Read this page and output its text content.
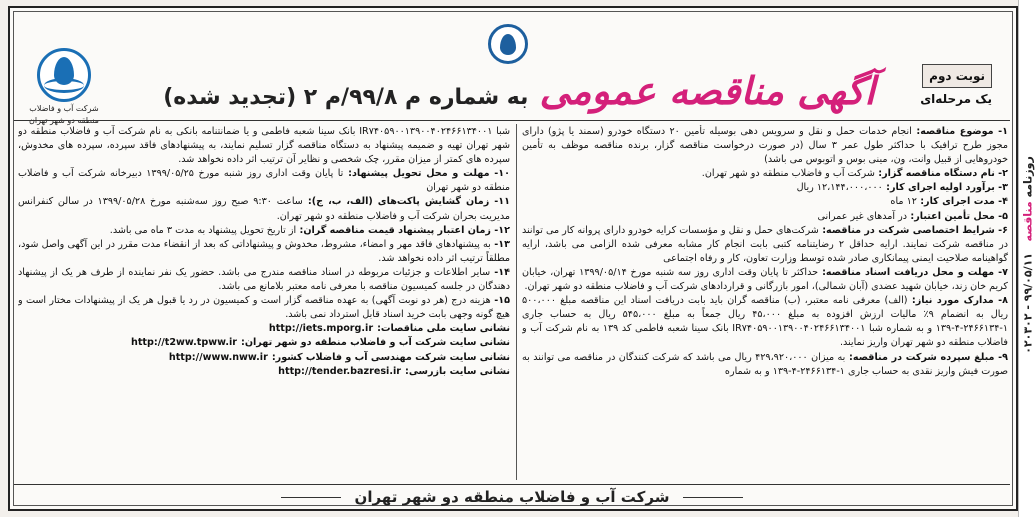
روزنامه مناقصه   ۹۹/۰۵/۱۱ - ۰۲۰۳۰۲
شرکت آب و فاضلاب	آگهی مناقصه عمومی به شماره م ۹۹/۸/م ۲ (تجدید شده)
نوبت دوم
یک مرحله‌ای

۱- موضوع مناقصه: انجام خدمات حمل و نقل و سرویس دهی بوسیله تأمین ۲۰ دستگاه خودرو (سمند یا پژو) دارای مجوز طرح ترافیک با حداکثر طول عمر ۳ سال (در صورت درخواست مناقصه گزار، برنده مناقصه موظف به تأمین خودروهایی از قبیل وانت، ون، مینی بوس و اتوبوس می باشد)

۲- نام دستگاه مناقصه گزار: شرکت آب و فاضلاب منطقه دو شهر تهران.

۳- برآورد اولیه اجرای کار: ۱۲،۱۴۴،۰۰۰،۰۰۰ ریال

۴- مدت اجرای کار: ۱۲ ماه

۵- محل تأمین اعتبار: در آمدهای غیر عمرانی

۶- شرایط اختصاصی شرکت در مناقصه: شرکت‌های حمل و نقل و مؤسسات کرایه خودرو دارای پروانه کار می توانند در مناقصه شرکت نمایند. ارایه حداقل ۲ رضایتنامه کتبی بابت انجام کار مشابه معرفی شده الزامی می باشد، ارایه گواهینامه صلاحیت ایمنی پیمانکاری صادر شده توسط وزارت تعاون، کار و رفاه اجتماعی

۷- مهلت و محل دریافت اسناد مناقصه: حداکثر تا پایان وقت اداری روز سه شنبه مورخ ۱۳۹۹/۰۵/۱۴ تهران، خیابان کریم خان زند، خیابان شهید عضدی (آبان شمالی)، امور بازرگانی و قراردادهای شرکت آب و فاضلاب منطقه دو شهر تهران.

۸- مدارک مورد نیاز: (الف) معرفی نامه معتبر، (ب) مناقصه گران باید بابت دریافت اسناد این مناقصه مبلغ ۵۰۰،۰۰۰ ریال به انضمام ۹٪ مالیات ارزش افزوده به مبلغ ۴۵،۰۰۰ ریال جمعاً به مبلغ ۵۴۵،۰۰۰ ریال به حساب جاری ۱-۲۴۶۶۱۳۴-۴-۱۳۹ و به شماره شبا IR۷۴۰۵۹۰۰۱۳۹۰۰۴۰۲۴۶۶۱۳۴۰۰۱ بانک سینا شعبه فاطمی کد ۱۳۹ به نام شرکت آب و فاضلاب منطقه دو شهر تهران واریز نمایند.

۹- مبلغ سپرده شرکت در مناقصه: به میزان ۴۲۹،۹۲۰،۰۰۰ ریال می باشد که شرکت کنندگان در مناقصه می توانند به صورت فیش واریز نقدی به حساب جاری ۱-۲۴۶۶۱۳۴-۴-۱۳۹ و به شماره

شبا IR۷۴۰۵۹۰۰۱۳۹۰۰۴۰۲۴۶۶۱۳۴۰۰۱ بانک سینا شعبه فاطمی و یا ضمانتنامه بانکی به نام شرکت آب و فاضلاب منطقه دو شهر تهران تهیه و ضمیمه پیشنهاد به دستگاه مناقصه گزار تسلیم نمایند، به پیشنهادهای فاقد سپرده، سپرده های مخدوش، سپرده های کمتر از میزان مقرر، چک شخصی و نظایر آن ترتیب اثر داده نخواهد شد.

۱۰- مهلت و محل تحویل پیشنهاد: تا پایان وقت اداری روز شنبه مورخ ۱۳۹۹/۰۵/۲۵ دبیرخانه شرکت آب و فاضلاب منطقه دو شهر تهران

۱۱- زمان گشایش پاکت‌های (الف، ب، ج): ساعت ۹:۳۰ صبح روز سه‌شنبه مورخ ۱۳۹۹/۰۵/۲۸ در سالن کنفرانس مدیریت بحران شرکت آب و فاضلاب منطقه دو شهر تهران.

۱۲- زمان اعتبار پیشنهاد قیمت مناقصه گران: از تاریخ تحویل پیشنهاد به مدت ۳ ماه می باشد.

۱۳- به پیشنهادهای فاقد مهر و امضاء، مشروط، مخدوش و پیشنهاداتی که بعد از انقضاء مدت مقرر در این آگهی واصل شود، مطلقاً ترتیب اثر داده نخواهد شد.

۱۴- سایر اطلاعات و جزئیات مربوطه در اسناد مناقصه مندرج می باشد. حضور یک نفر نماینده از طرف هر یک از پیشنهاد دهندگان در جلسه کمیسیون مناقصه با معرفی نامه معتبر بلامانع می باشد.

۱۵- هزینه درج (هر دو نوبت آگهی) به عهده مناقصه گزار است و کمیسیون در رد یا قبول هر یک از پیشنهادات مختار است و هیچ گونه وجهی بابت خرید اسناد قابل استرداد نمی باشد.

نشانی سایت ملی مناقصات:http://iets.mporg.ir
نشانی سایت شرکت آب و فاضلاب منطقه دو شهر تهران:http://t2ww.tpww.ir
نشانی سایت شرکت مهندسی آب و فاضلاب کشور:http://www.nww.ir
نشانی سایت بازرسی:http://tender.bazresi.ir
شرکت آب و فاضلاب منطقه دو شهر تهران
